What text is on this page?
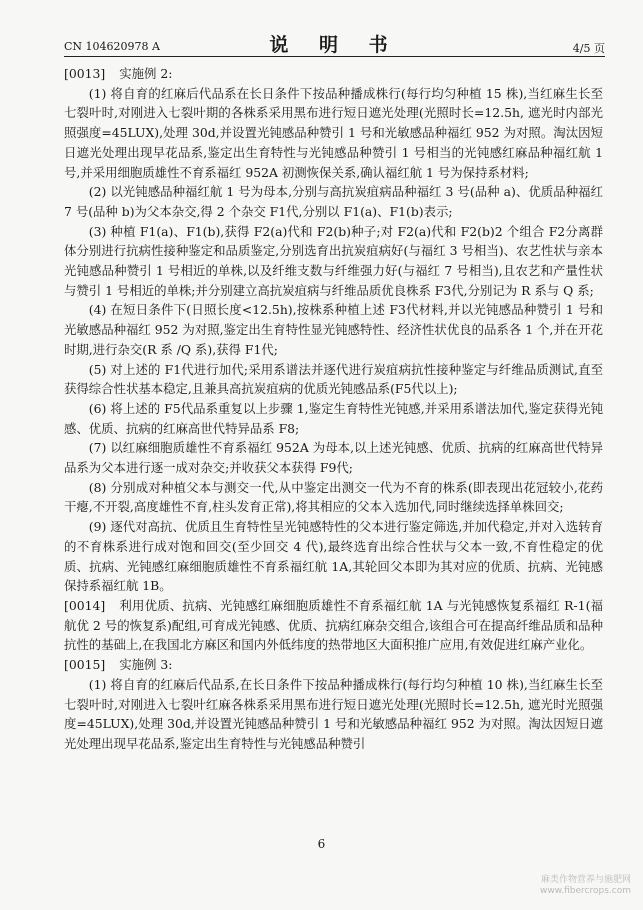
CN 104620978 A	说 明 书	4/5 页

[0013] 实施例 2:

(1) 将自育的红麻后代品系在长日条件下按品种播成株行(每行均匀种植 15 株),当红麻生长至七裂叶时,对刚进入七裂叶期的各株系采用黑布进行短日遮光处理(光照时长=12.5h, 遮光时内部光照强度=45LUX),处理 30d,并设置光钝感品种赞引 1 号和光敏感品种福红 952 为对照。淘汰因短日遮光处理出现早花品系,鉴定出生育特性与光钝感品种赞引 1 号相当的光钝感红麻品种福红航 1 号,并采用细胞质雄性不育系福红 952A 初测恢保关系,确认福红航 1 号为保持系材料;

(2) 以光钝感品种福红航 1 号为母本,分别与高抗炭疽病品种福红 3 号(品种 a)、优质品种福红 7 号(品种 b)为父本杂交,得 2 个杂交 F1代,分别以 F1(a)、F1(b)表示;

(3) 种植 F1(a)、F1(b),获得 F2(a)代和 F2(b)种子;对 F2(a)代和 F2(b)2 个组合 F2分离群体分别进行抗病性接种鉴定和品质鉴定,分别选育出抗炭疽病好(与福红 3 号相当)、农艺性状与亲本光钝感品种赞引 1 号相近的单株,以及纤维支数与纤维强力好(与福红 7 号相当),且农艺和产量性状与赞引 1 号相近的单株;并分别建立高抗炭疽病与纤维品质优良株系 F3代,分别记为 R 系与 Q 系;

(4) 在短日条件下(日照长度<12.5h),按株系种植上述 F3代材料,并以光钝感品种赞引 1 号和光敏感品种福红 952 为对照,鉴定出生育特性显光钝感特性、经济性状优良的品系各 1 个,并在开花时期,进行杂交(R 系 /Q 系),获得 F1代;

(5) 对上述的 F1代进行加代;采用系谱法并逐代进行炭疽病抗性接种鉴定与纤维品质测试,直至获得综合性状基本稳定,且兼具高抗炭疽病的优质光钝感品系(F5代以上);

(6) 将上述的 F5代品系重复以上步骤 1,鉴定生育特性光钝感,并采用系谱法加代,鉴定获得光钝感、优质、抗病的红麻高世代特异品系 F8;

(7) 以红麻细胞质雄性不育系福红 952A 为母本,以上述光钝感、优质、抗病的红麻高世代特异品系为父本进行逐一成对杂交;并收获父本获得 F9代;

(8) 分别成对种植父本与测交一代,从中鉴定出测交一代为不育的株系(即表现出花冠较小,花药干瘪,不开裂,高度雄性不育,柱头发育正常),将其相应的父本入选加代,同时继续选择单株回交;

(9) 逐代对高抗、优质且生育特性呈光钝感特性的父本进行鉴定筛选,并加代稳定,并对入选转育的不育株系进行成对饱和回交(至少回交 4 代),最终选育出综合性状与父本一致,不育性稳定的优质、抗病、光钝感红麻细胞质雄性不育系福红航 1A,其轮回父本即为其对应的优质、抗病、光钝感保持系福红航 1B。

[0014] 利用优质、抗病、光钝感红麻细胞质雄性不育系福红航 1A 与光钝感恢复系福红 R-1(福航优 2 号的恢复系)配组,可育成光钝感、优质、抗病红麻杂交组合,该组合可在提高纤维品质和品种抗性的基础上,在我国北方麻区和国内外低纬度的热带地区大面积推广应用,有效促进红麻产业化。

[0015] 实施例 3:

(1) 将自育的红麻后代品系,在长日条件下按品种播成株行(每行均匀种植 10 株),当红麻生长至七裂叶时,对刚进入七裂叶红麻各株系采用黑布进行短日遮光处理(光照时长=12.5h, 遮光时光照强度=45LUX),处理 30d,并设置光钝感品种赞引 1 号和光敏感品种福红 952 为对照。淘汰因短日遮光处理出现早花品系,鉴定出生育特性与光钝感品种赞引

6
麻类作物营养与施肥网
www.fibercrops.com
